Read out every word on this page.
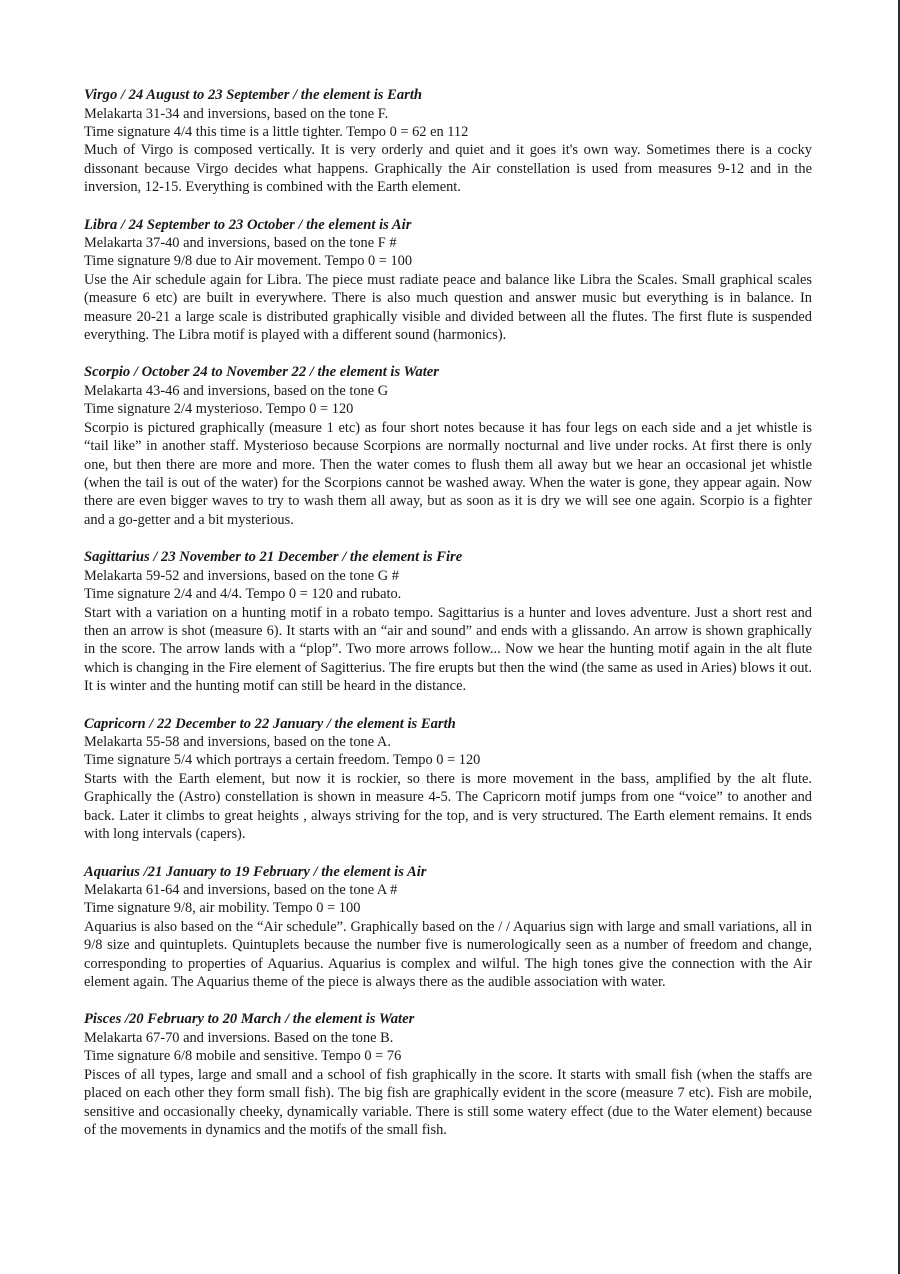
Virgo / 24 August to 23 September / the element is Earth

Melakarta 31-34 and inversions, based on the tone F.

Time signature 4/4 this time is a little tighter. Tempo 0 = 62 en 112

Much of Virgo is composed vertically. It is very orderly and quiet and it goes it's own way. Sometimes there is a cocky dissonant because Virgo decides what happens. Graphically the Air constellation is used from measures 9-12 and in the inversion, 12-15. Everything is combined with the Earth element.

Libra / 24 September to 23 October / the element is Air

Melakarta 37-40 and inversions, based on the tone F #

Time signature 9/8 due to Air movement. Tempo 0 = 100

Use the Air schedule again for Libra. The piece must radiate peace and balance like Libra the Scales. Small graphical scales (measure 6 etc) are built in everywhere. There is also much question and answer music but everything is in balance. In measure 20-21 a large scale is distributed graphically visible and divided between all the flutes. The first flute is suspended everything. The Libra motif is played with a different sound (harmonics).

Scorpio / October 24 to November 22 / the element is Water

Melakarta 43-46 and inversions, based on the tone G

Time signature 2/4 mysterioso. Tempo 0 = 120

Scorpio is pictured graphically (measure 1 etc) as four short notes because it has four legs on each side and a jet whistle is “tail like” in another staff. Mysterioso because Scorpions are normally nocturnal and live under rocks. At first there is only one, but then there are more and more. Then the water comes to flush them all away but we hear an occasional jet whistle (when the tail is out of the water) for the Scorpions cannot be washed away. When the water is gone, they appear again. Now there are even bigger waves to try to wash them all away, but as soon as it is dry we will see one again. Scorpio is a fighter and a go-getter and a bit mysterious.

Sagittarius / 23 November to 21 December / the element is Fire

Melakarta 59-52 and inversions, based on the tone G #

Time signature 2/4 and 4/4. Tempo 0 = 120 and rubato.

Start with a variation on a hunting motif in a robato tempo. Sagittarius is a hunter and loves adventure. Just a short rest and then an arrow is shot (measure 6). It starts with an “air and sound” and ends with a glissando. An arrow is shown graphically in the score. The arrow lands with a “plop”. Two more arrows follow... Now we hear the hunting motif again in the alt flute which is changing in the Fire element of Sagitterius. The fire erupts but then the wind (the same as used in Aries) blows it out. It is winter and the hunting motif can still be heard in the distance.

Capricorn / 22 December to 22 January / the element is Earth

Melakarta 55-58 and inversions, based on the tone A.

Time signature 5/4 which portrays a certain freedom. Tempo 0 = 120

Starts with the Earth element, but now it is rockier, so there is more movement in the bass, amplified by the alt flute. Graphically the (Astro) constellation is shown in measure 4-5. The Capricorn motif jumps from one “voice” to another and back. Later it climbs to great heights , always striving for the top, and is very structured. The Earth element remains. It ends with long intervals (capers).

Aquarius /21 January to 19 February / the element is Air

Melakarta 61-64 and inversions, based on the tone A #

Time signature 9/8, air mobility. Tempo 0 = 100

Aquarius is also based on the “Air schedule”. Graphically based on the / / Aquarius sign with large and small variations, all in 9/8 size and quintuplets. Quintuplets because the number five is numerologically seen as a number of freedom and change, corresponding to properties of Aquarius. Aquarius is complex and wilful. The high tones give the connection with the Air element again. The Aquarius theme of the piece is always there as the audible association with water.

Pisces /20 February to 20 March / the element is Water

Melakarta 67-70 and inversions. Based on the tone B.

Time signature 6/8 mobile and sensitive. Tempo 0 = 76

Pisces of all types, large and small and a school of fish graphically in the score. It starts with small fish (when the staffs are placed on each other they form small fish). The big fish are graphically evident in the score (measure 7 etc). Fish are mobile, sensitive and occasionally cheeky, dynamically variable. There is still some watery effect (due to the Water element) because of the movements in dynamics and the motifs of the small fish.
